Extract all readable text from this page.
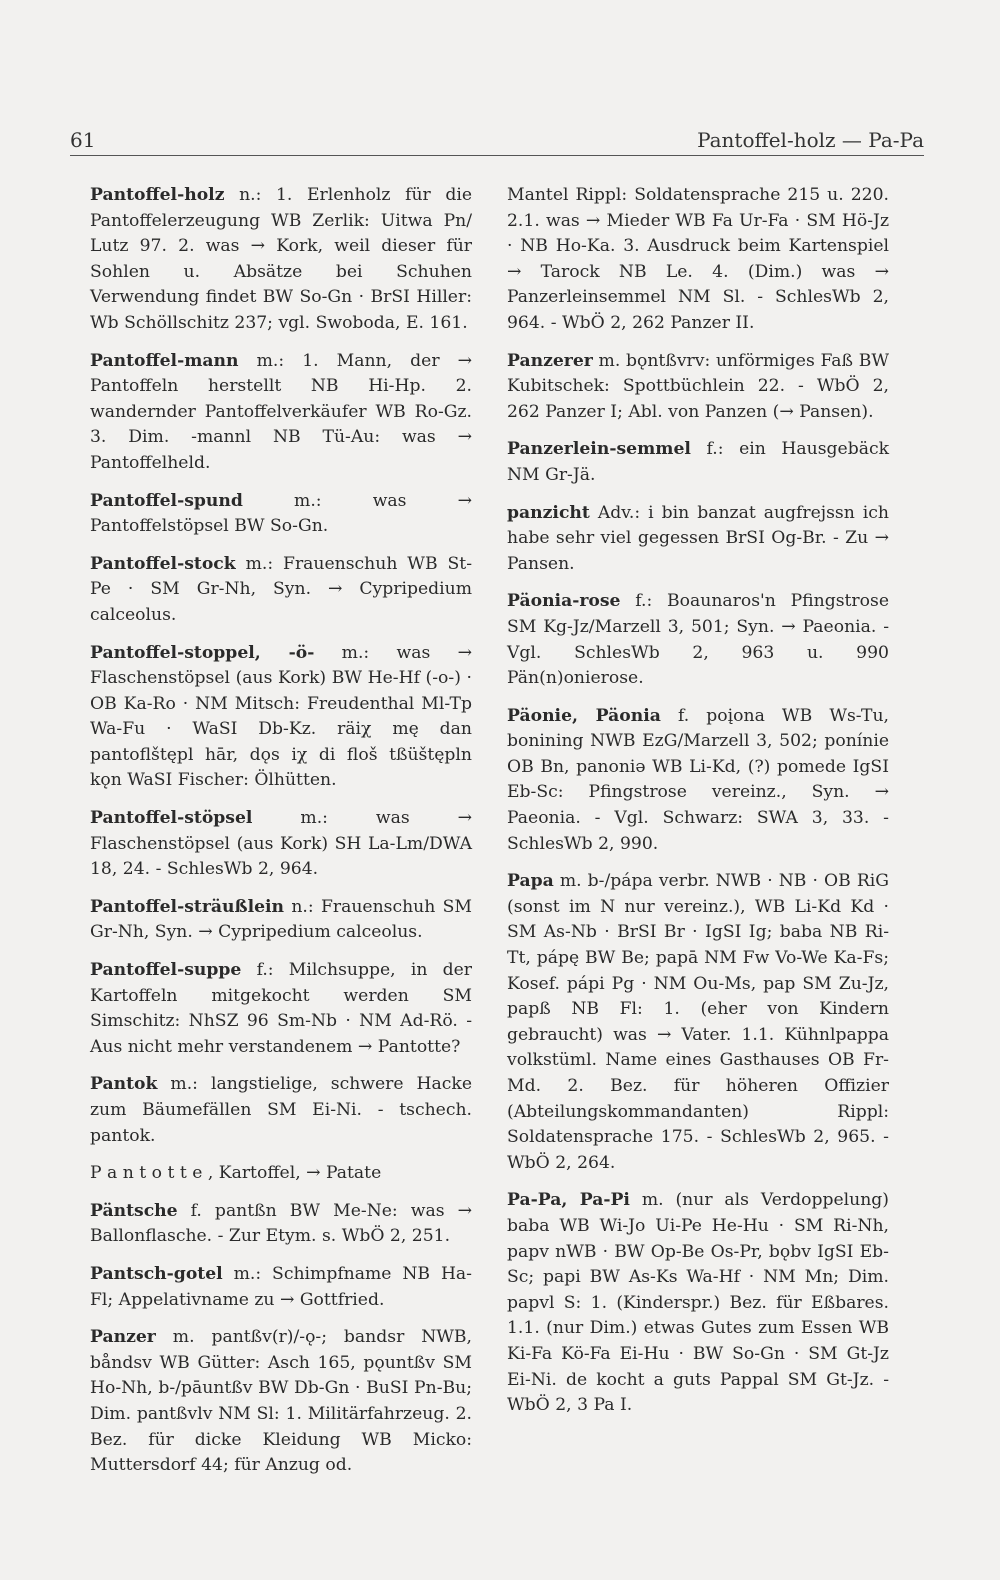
61	Pantoffel-holz — Pa-Pa

Pantoffel-holz n.: 1. Erlenholz für die Pantoffelerzeugung WB Zerlik: Uitwa Pn/ Lutz 97. 2. was → Kork, weil dieser für Sohlen u. Absätze bei Schuhen Verwendung findet BW So-Gn · BrSI Hiller: Wb Schöllschitz 237; vgl. Swoboda, E. 161.

Pantoffel-mann m.: 1. Mann, der → Pantoffeln herstellt NB Hi-Hp. 2. wandernder Pantoffelverkäufer WB Ro-Gz. 3. Dim. -mannl NB Tü-Au: was → Pantoffelheld.

Pantoffel-spund m.: was → Pantoffelstöpsel BW So-Gn.

Pantoffel-stock m.: Frauenschuh WB St-Pe · SM Gr-Nh, Syn. → Cypripedium calceolus.

Pantoffel-stoppel, -ö- m.: was → Flaschenstöpsel (aus Kork) BW He-Hf (-o-) · OB Ka-Ro · NM Mitsch: Freudenthal Ml-Tp Wa-Fu · WaSI Db-Kz. räiχ mę dan pantoflštępl hār, dǫs iχ di floš tßüštępln kǫn WaSI Fischer: Ölhütten.

Pantoffel-stöpsel m.: was → Flaschenstöpsel (aus Kork) SH La-Lm/DWA 18, 24. - SchlesWb 2, 964.

Pantoffel-sträußlein n.: Frauenschuh SM Gr-Nh, Syn. → Cypripedium calceolus.

Pantoffel-suppe f.: Milchsuppe, in der Kartoffeln mitgekocht werden SM Simschitz: NhSZ 96 Sm-Nb · NM Ad-Rö. - Aus nicht mehr verstandenem → Pantotte?

Pantok m.: langstielige, schwere Hacke zum Bäumefällen SM Ei-Ni. - tschech. pantok.

P a n t o t t e , Kartoffel, → Patate

Päntsche f. pantßn BW Me-Ne: was → Ballonflasche. - Zur Etym. s. WbÖ 2, 251.

Pantsch-gotel m.: Schimpfname NB Ha-Fl; Appelativname zu → Gottfried.

Panzer m. pantßv(r)/-ǫ-; bandsr NWB, båndsv WB Gütter: Asch 165, pǫuntßv SM Ho-Nh, b-/pāuntßv BW Db-Gn · BuSI Pn-Bu; Dim. pantßvlv NM Sl: 1. Militärfahrzeug. 2. Bez. für dicke Kleidung WB Micko: Muttersdorf 44; für Anzug od.

Mantel Rippl: Soldatensprache 215 u. 220. 2.1. was → Mieder WB Fa Ur-Fa · SM Hö-Jz · NB Ho-Ka. 3. Ausdruck beim Kartenspiel → Tarock NB Le. 4. (Dim.) was → Panzerleinsemmel NM Sl. - SchlesWb 2, 964. - WbÖ 2, 262 Panzer II.

Panzerer m. bǫntßvrv: unförmiges Faß BW Kubitschek: Spottbüchlein 22. - WbÖ 2, 262 Panzer I; Abl. von Panzen (→ Pansen).

Panzerlein-semmel f.: ein Hausgebäck NM Gr-Jä.

panzicht Adv.: i bin banzat augfrejssn ich habe sehr viel gegessen BrSI Og-Br. - Zu → Pansen.

Päonia-rose f.: Boaunaros'n Pfingstrose SM Kg-Jz/Marzell 3, 501; Syn. → Paeonia. - Vgl. SchlesWb 2, 963 u. 990 Pän(n)onierose.

Päonie, Päonia f. poįona WB Ws-Tu, bonining NWB EzG/Marzell 3, 502; ponínie OB Bn, panoniə WB Li-Kd, (?) pomede IgSI Eb-Sc: Pfingstrose vereinz., Syn. → Paeonia. - Vgl. Schwarz: SWA 3, 33. - SchlesWb 2, 990.

Papa m. b-/pápa verbr. NWB · NB · OB RiG (sonst im N nur vereinz.), WB Li-Kd Kd · SM As-Nb · BrSI Br · IgSI Ig; baba NB Ri-Tt, pápę BW Be; papā NM Fw Vo-We Ka-Fs; Kosef. pápi Pg · NM Ou-Ms, pap SM Zu-Jz, papß NB Fl: 1. (eher von Kindern gebraucht) was → Vater. 1.1. Kühnlpappa volkstüml. Name eines Gasthauses OB Fr-Md. 2. Bez. für höheren Offizier (Abteilungskommandanten) Rippl: Soldatensprache 175. - SchlesWb 2, 965. - WbÖ 2, 264.

Pa-Pa, Pa-Pi m. (nur als Verdoppelung) baba WB Wi-Jo Ui-Pe He-Hu · SM Ri-Nh, papv nWB · BW Op-Be Os-Pr, bǫbv IgSI Eb-Sc; papi BW As-Ks Wa-Hf · NM Mn; Dim. papvl S: 1. (Kinderspr.) Bez. für Eßbares. 1.1. (nur Dim.) etwas Gutes zum Essen WB Ki-Fa Kö-Fa Ei-Hu · BW So-Gn · SM Gt-Jz Ei-Ni. de kocht a guts Pappal SM Gt-Jz. - WbÖ 2, 3 Pa I.
